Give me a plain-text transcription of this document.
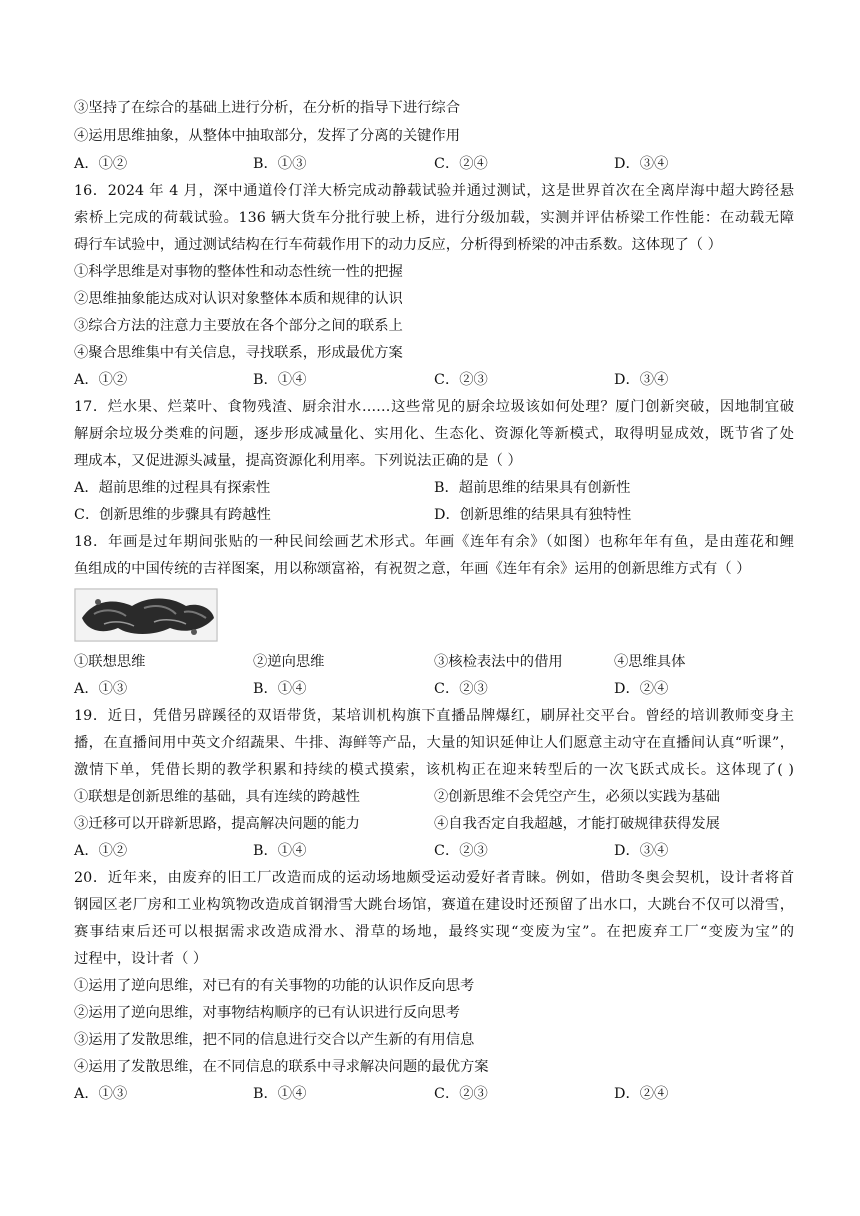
③坚持了在综合的基础上进行分析，在分析的指导下进行综合
④运用思维抽象，从整体中抽取部分，发挥了分离的关键作用
A．①②	B．①③	C．②④	D．③④
16．2024 年 4 月，深中通道伶仃洋大桥完成动静载试验并通过测试，这是世界首次在全离岸海中超大跨径悬
索桥上完成的荷载试验。136 辆大货车分批行驶上桥，进行分级加载，实测并评估桥梁工作性能：在动载无障
碍行车试验中，通过测试结构在行车荷载作用下的动力反应，分析得到桥梁的冲击系数。这体现了（ ）
①科学思维是对事物的整体性和动态性统一性的把握
②思维抽象能达成对认识对象整体本质和规律的认识
③综合方法的注意力主要放在各个部分之间的联系上
④聚合思维集中有关信息，寻找联系，形成最优方案
A．①②	B．①④	C．②③	D．③④
17．烂水果、烂菜叶、食物残渣、厨余泔水……这些常见的厨余垃圾该如何处理？厦门创新突破，因地制宜破
解厨余垃圾分类难的问题，逐步形成减量化、实用化、生态化、资源化等新模式，取得明显成效，既节省了处
理成本，又促进源头减量，提高资源化利用率。下列说法正确的是（ ）
A．超前思维的过程具有探索性	B．超前思维的结果具有创新性
C．创新思维的步骤具有跨越性	D．创新思维的结果具有独特性
18．年画是过年期间张贴的一种民间绘画艺术形式。年画《连年有余》（如图）也称年年有鱼，是由莲花和鲤
鱼组成的中国传统的吉祥图案，用以称颂富裕，有祝贺之意，年画《连年有余》运用的创新思维方式有（ ）
①联想思维	②逆向思维	③核检表法中的借用	④思维具体
A．①③	B．①④	C．②③	D．②④
19．近日，凭借另辟蹊径的双语带货，某培训机构旗下直播品牌爆红，刷屏社交平台。曾经的培训教师变身主
播，在直播间用中英文介绍蔬果、牛排、海鲜等产品，大量的知识延伸让人们愿意主动守在直播间认真“听课”，
激情下单，凭借长期的教学积累和持续的模式摸索，该机构正在迎来转型后的一次飞跃式成长。这体现了( )
①联想是创新思维的基础，具有连续的跨越性	②创新思维不会凭空产生，必须以实践为基础
③迁移可以开辟新思路，提高解决问题的能力	④自我否定自我超越，才能打破规律获得发展
A．①②	B．①④	C．②③	D．③④
20．近年来，由废弃的旧工厂改造而成的运动场地颇受运动爱好者青睐。例如，借助冬奥会契机，设计者将首
钢园区老厂房和工业构筑物改造成首钢滑雪大跳台场馆，赛道在建设时还预留了出水口，大跳台不仅可以滑雪，
赛事结束后还可以根据需求改造成滑水、滑草的场地，最终实现“变废为宝”。在把废弃工厂“变废为宝”的
过程中，设计者（ ）
①运用了逆向思维，对已有的有关事物的功能的认识作反向思考
②运用了逆向思维，对事物结构顺序的已有认识进行反向思考
③运用了发散思维，把不同的信息进行交合以产生新的有用信息
④运用了发散思维，在不同信息的联系中寻求解决问题的最优方案
A．①③	B．①④	C．②③	D．②④
